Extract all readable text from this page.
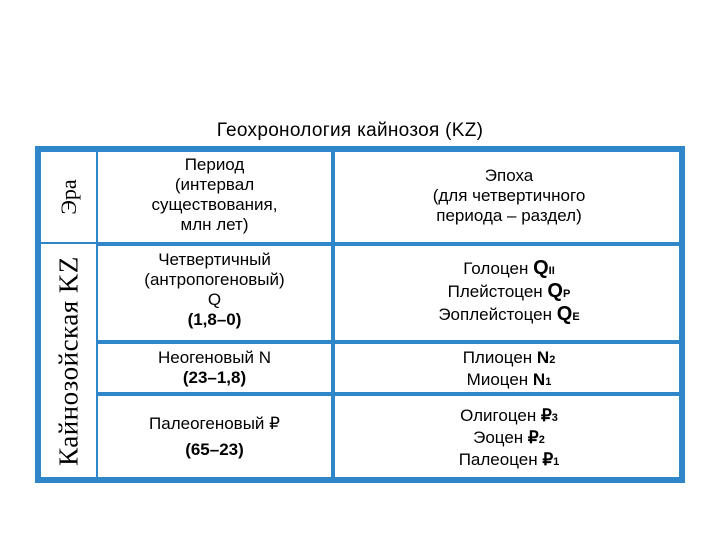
Геохронология кайнозоя (KZ)
Эра
Кайнозойская KZ
Период
(интервал
существования,
млн лет)
Эпоха
(для четвертичного
периода – раздел)
Четвертичный
(антропогеновый)
Q
(1,8–0)
Голоцен QII
Плейстоцен QP
Эоплейстоцен QE
Неогеновый N
(23–1,8)
Плиоцен N2
Миоцен N1
Палеогеновый ₽
(65–23)
Олигоцен ₽3
Эоцен ₽2
Палеоцен ₽1
